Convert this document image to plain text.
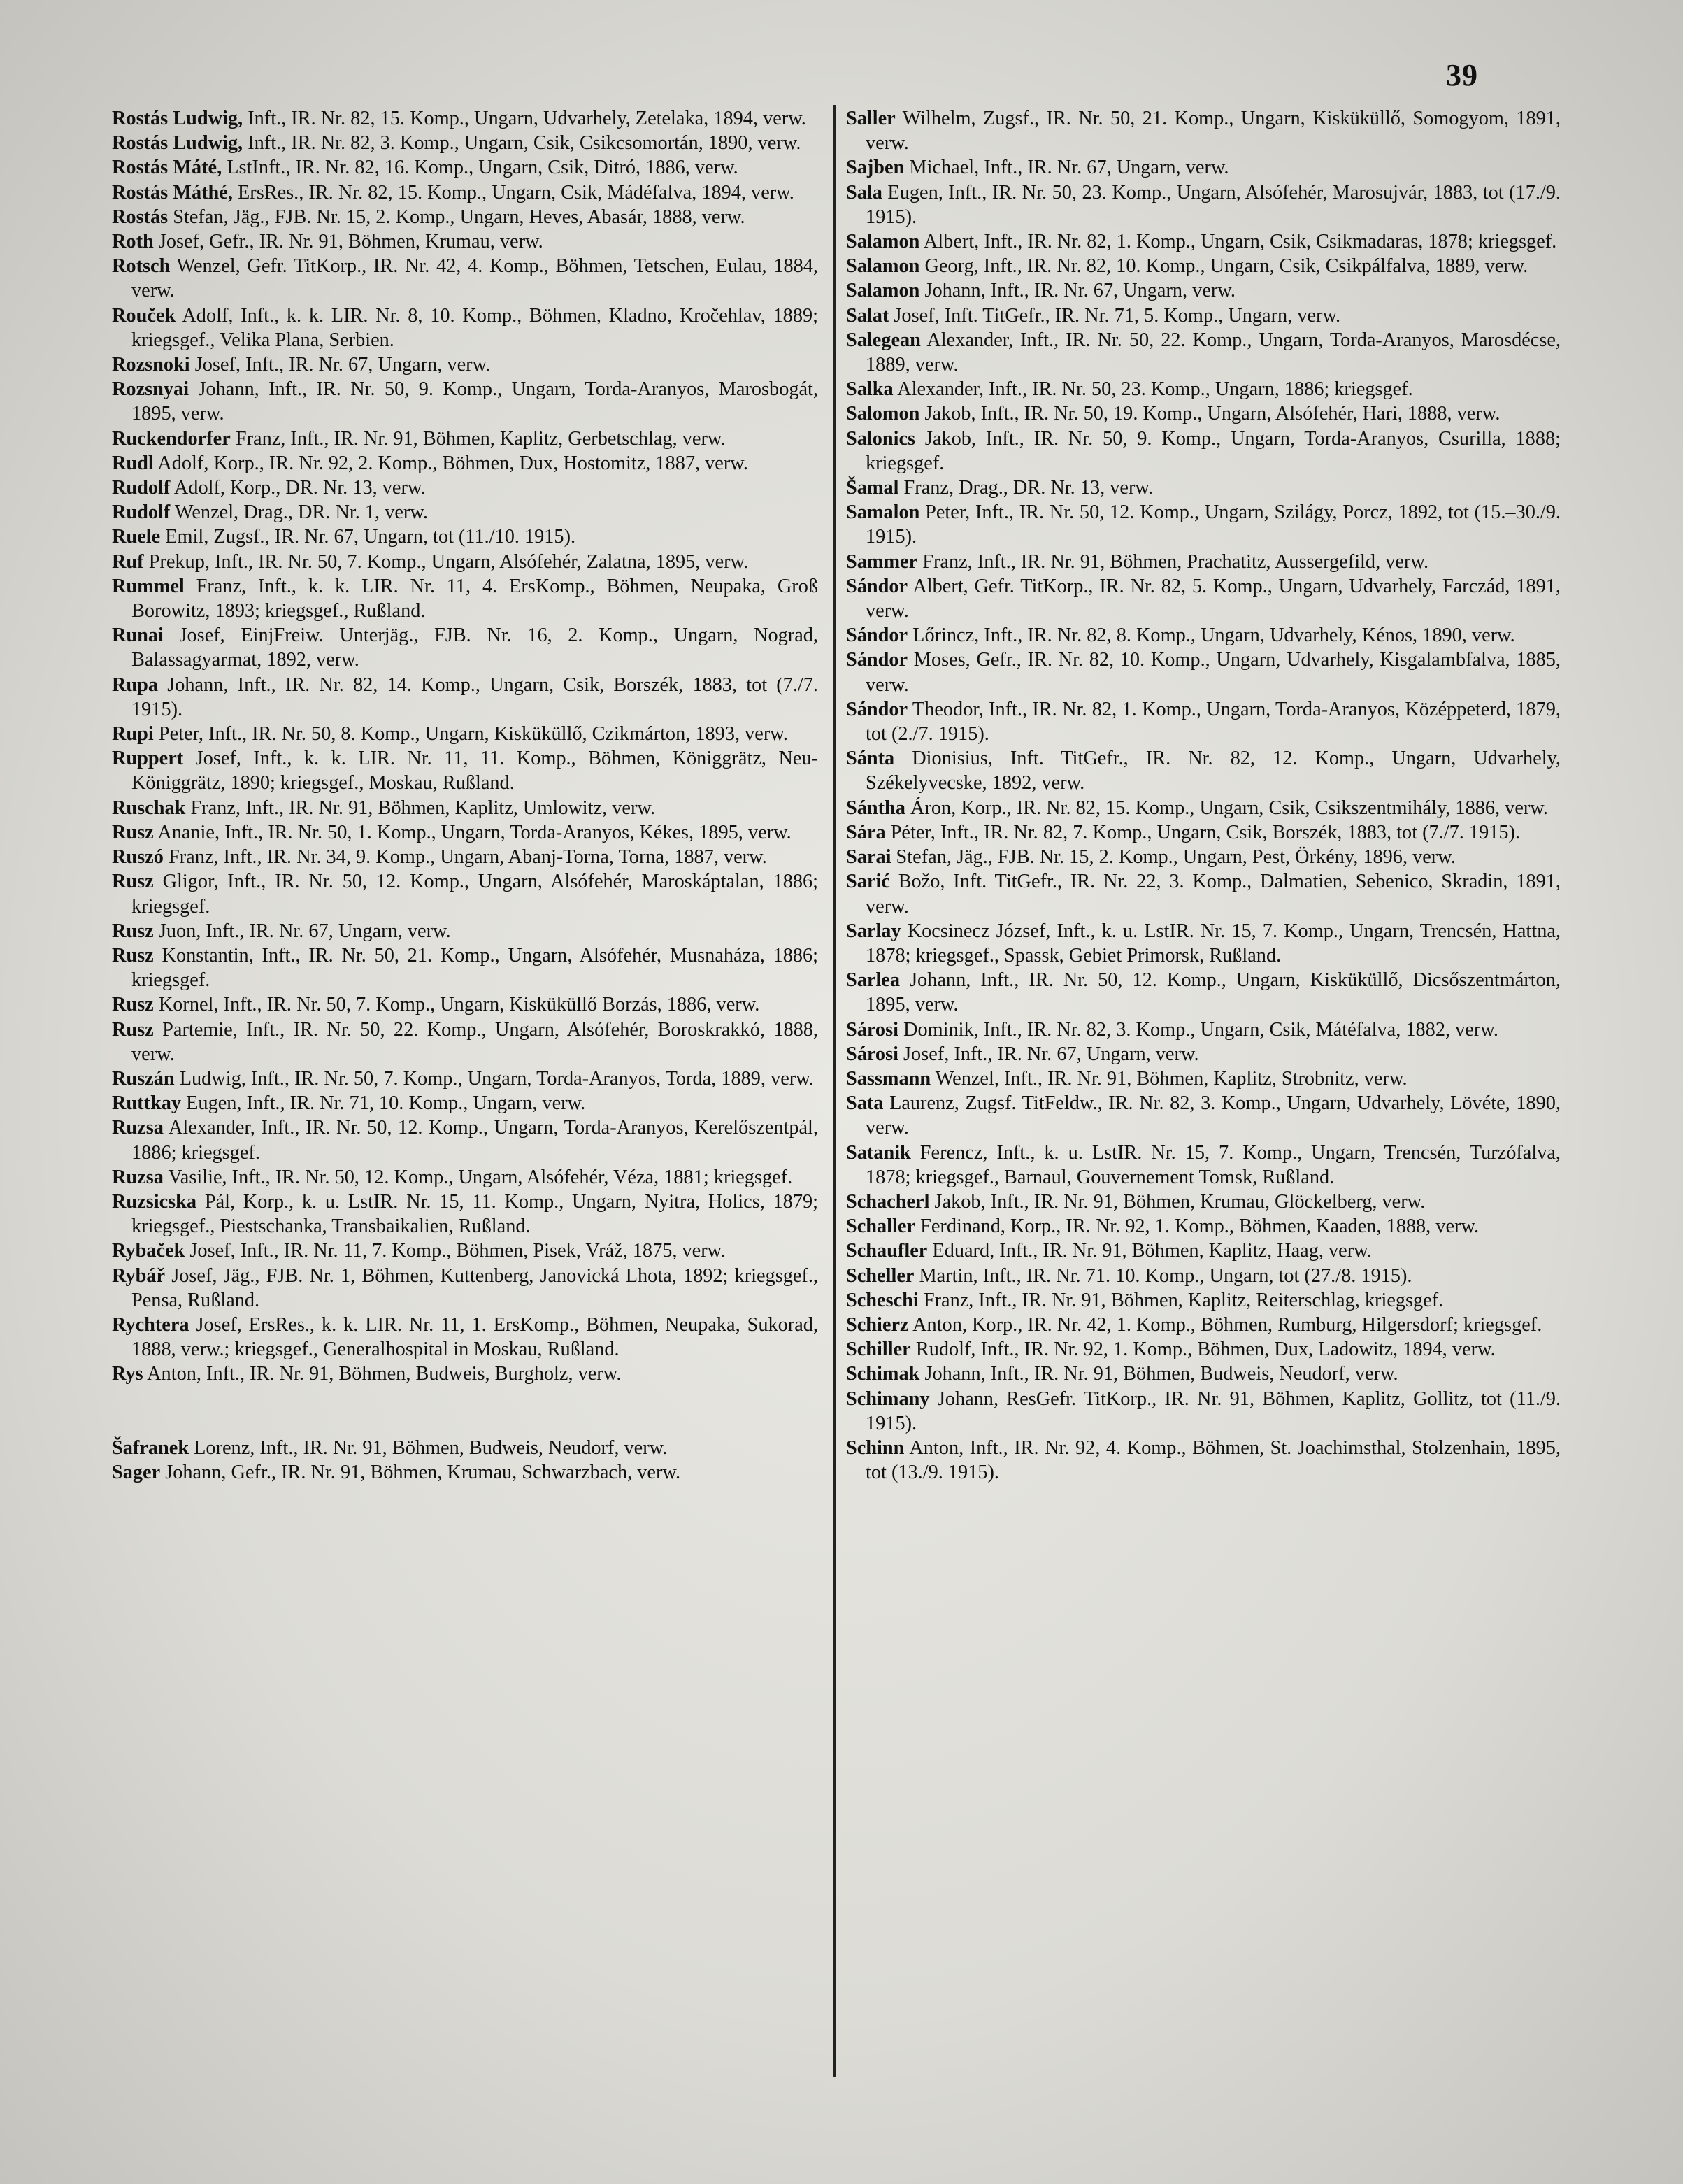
39

Rostás Ludwig, Inft., IR. Nr. 82, 15. Komp., Ungarn, Udvarhely, Zetelaka, 1894, verw.

Rostás Ludwig, Inft., IR. Nr. 82, 3. Komp., Ungarn, Csik, Csikcsomortán, 1890, verw.

Rostás Máté, LstInft., IR. Nr. 82, 16. Komp., Ungarn, Csik, Ditró, 1886, verw.

Rostás Máthé, ErsRes., IR. Nr. 82, 15. Komp., Ungarn, Csik, Mádéfalva, 1894, verw.

Rostás Stefan, Jäg., FJB. Nr. 15, 2. Komp., Ungarn, Heves, Abasár, 1888, verw.

Roth Josef, Gefr., IR. Nr. 91, Böhmen, Krumau, verw.

Rotsch Wenzel, Gefr. TitKorp., IR. Nr. 42, 4. Komp., Böhmen, Tetschen, Eulau, 1884, verw.

Rouček Adolf, Inft., k. k. LIR. Nr. 8, 10. Komp., Böhmen, Kladno, Kročehlav, 1889; kriegsgef., Velika Plana, Serbien.

Rozsnoki Josef, Inft., IR. Nr. 67, Ungarn, verw.

Rozsnyai Johann, Inft., IR. Nr. 50, 9. Komp., Ungarn, Torda-Aranyos, Marosbogát, 1895, verw.

Ruckendorfer Franz, Inft., IR. Nr. 91, Böhmen, Kaplitz, Gerbetschlag, verw.

Rudl Adolf, Korp., IR. Nr. 92, 2. Komp., Böhmen, Dux, Hostomitz, 1887, verw.

Rudolf Adolf, Korp., DR. Nr. 13, verw.

Rudolf Wenzel, Drag., DR. Nr. 1, verw.

Ruele Emil, Zugsf., IR. Nr. 67, Ungarn, tot (11./10. 1915).

Ruf Prekup, Inft., IR. Nr. 50, 7. Komp., Ungarn, Alsófehér, Zalatna, 1895, verw.

Rummel Franz, Inft., k. k. LIR. Nr. 11, 4. ErsKomp., Böhmen, Neupaka, Groß Borowitz, 1893; kriegsgef., Rußland.

Runai Josef, EinjFreiw. Unterjäg., FJB. Nr. 16, 2. Komp., Ungarn, Nograd, Balassagyarmat, 1892, verw.

Rupa Johann, Inft., IR. Nr. 82, 14. Komp., Ungarn, Csik, Borszék, 1883, tot (7./7. 1915).

Rupi Peter, Inft., IR. Nr. 50, 8. Komp., Ungarn, Kisküküllő, Czikmárton, 1893, verw.

Ruppert Josef, Inft., k. k. LIR. Nr. 11, 11. Komp., Böhmen, Königgrätz, Neu-Königgrätz, 1890; kriegsgef., Moskau, Rußland.

Ruschak Franz, Inft., IR. Nr. 91, Böhmen, Kaplitz, Umlowitz, verw.

Rusz Ananie, Inft., IR. Nr. 50, 1. Komp., Ungarn, Torda-Aranyos, Kékes, 1895, verw.

Ruszó Franz, Inft., IR. Nr. 34, 9. Komp., Ungarn, Abanj-Torna, Torna, 1887, verw.

Rusz Gligor, Inft., IR. Nr. 50, 12. Komp., Ungarn, Alsófehér, Maroskáptalan, 1886; kriegsgef.

Rusz Juon, Inft., IR. Nr. 67, Ungarn, verw.

Rusz Konstantin, Inft., IR. Nr. 50, 21. Komp., Ungarn, Alsófehér, Musnaháza, 1886; kriegsgef.

Rusz Kornel, Inft., IR. Nr. 50, 7. Komp., Ungarn, Kisküküllő Borzás, 1886, verw.

Rusz Partemie, Inft., IR. Nr. 50, 22. Komp., Ungarn, Alsófehér, Boroskrakkó, 1888, verw.

Ruszán Ludwig, Inft., IR. Nr. 50, 7. Komp., Ungarn, Torda-Aranyos, Torda, 1889, verw.

Ruttkay Eugen, Inft., IR. Nr. 71, 10. Komp., Ungarn, verw.

Ruzsa Alexander, Inft., IR. Nr. 50, 12. Komp., Ungarn, Torda-Aranyos, Kerelőszentpál, 1886; kriegsgef.

Ruzsa Vasilie, Inft., IR. Nr. 50, 12. Komp., Ungarn, Alsófehér, Véza, 1881; kriegsgef.

Ruzsicska Pál, Korp., k. u. LstIR. Nr. 15, 11. Komp., Ungarn, Nyitra, Holics, 1879; kriegsgef., Piestschanka, Transbaikalien, Rußland.

Rybaček Josef, Inft., IR. Nr. 11, 7. Komp., Böhmen, Pisek, Vráž, 1875, verw.

Rybář Josef, Jäg., FJB. Nr. 1, Böhmen, Kuttenberg, Janovická Lhota, 1892; kriegsgef., Pensa, Rußland.

Rychtera Josef, ErsRes., k. k. LIR. Nr. 11, 1. ErsKomp., Böhmen, Neupaka, Sukorad, 1888, verw.; kriegsgef., Generalhospital in Moskau, Rußland.

Rys Anton, Inft., IR. Nr. 91, Böhmen, Budweis, Burgholz, verw.

Šafranek Lorenz, Inft., IR. Nr. 91, Böhmen, Budweis, Neudorf, verw.

Sager Johann, Gefr., IR. Nr. 91, Böhmen, Krumau, Schwarzbach, verw.

Saller Wilhelm, Zugsf., IR. Nr. 50, 21. Komp., Ungarn, Kisküküllő, Somogyom, 1891, verw.

Sajben Michael, Inft., IR. Nr. 67, Ungarn, verw.

Sala Eugen, Inft., IR. Nr. 50, 23. Komp., Ungarn, Alsófehér, Marosujvár, 1883, tot (17./9. 1915).

Salamon Albert, Inft., IR. Nr. 82, 1. Komp., Ungarn, Csik, Csikmadaras, 1878; kriegsgef.

Salamon Georg, Inft., IR. Nr. 82, 10. Komp., Ungarn, Csik, Csikpálfalva, 1889, verw.

Salamon Johann, Inft., IR. Nr. 67, Ungarn, verw.

Salat Josef, Inft. TitGefr., IR. Nr. 71, 5. Komp., Ungarn, verw.

Salegean Alexander, Inft., IR. Nr. 50, 22. Komp., Ungarn, Torda-Aranyos, Marosdécse, 1889, verw.

Salka Alexander, Inft., IR. Nr. 50, 23. Komp., Ungarn, 1886; kriegsgef.

Salomon Jakob, Inft., IR. Nr. 50, 19. Komp., Ungarn, Alsófehér, Hari, 1888, verw.

Salonics Jakob, Inft., IR. Nr. 50, 9. Komp., Ungarn, Torda-Aranyos, Csurilla, 1888; kriegsgef.

Šamal Franz, Drag., DR. Nr. 13, verw.

Samalon Peter, Inft., IR. Nr. 50, 12. Komp., Ungarn, Szilágy, Porcz, 1892, tot (15.–30./9. 1915).

Sammer Franz, Inft., IR. Nr. 91, Böhmen, Prachatitz, Aussergefild, verw.

Sándor Albert, Gefr. TitKorp., IR. Nr. 82, 5. Komp., Ungarn, Udvarhely, Farczád, 1891, verw.

Sándor Lőrincz, Inft., IR. Nr. 82, 8. Komp., Ungarn, Udvarhely, Kénos, 1890, verw.

Sándor Moses, Gefr., IR. Nr. 82, 10. Komp., Ungarn, Udvarhely, Kisgalambfalva, 1885, verw.

Sándor Theodor, Inft., IR. Nr. 82, 1. Komp., Ungarn, Torda-Aranyos, Középpeterd, 1879, tot (2./7. 1915).

Sánta Dionisius, Inft. TitGefr., IR. Nr. 82, 12. Komp., Ungarn, Udvarhely, Székelyvecske, 1892, verw.

Sántha Áron, Korp., IR. Nr. 82, 15. Komp., Ungarn, Csik, Csikszentmihály, 1886, verw.

Sára Péter, Inft., IR. Nr. 82, 7. Komp., Ungarn, Csik, Borszék, 1883, tot (7./7. 1915).

Sarai Stefan, Jäg., FJB. Nr. 15, 2. Komp., Ungarn, Pest, Örkény, 1896, verw.

Sarić Božo, Inft. TitGefr., IR. Nr. 22, 3. Komp., Dalmatien, Sebenico, Skradin, 1891, verw.

Sarlay Kocsinecz József, Inft., k. u. LstIR. Nr. 15, 7. Komp., Ungarn, Trencsén, Hattna, 1878; kriegsgef., Spassk, Gebiet Primorsk, Rußland.

Sarlea Johann, Inft., IR. Nr. 50, 12. Komp., Ungarn, Kisküküllő, Dicsőszentmárton, 1895, verw.

Sárosi Dominik, Inft., IR. Nr. 82, 3. Komp., Ungarn, Csik, Mátéfalva, 1882, verw.

Sárosi Josef, Inft., IR. Nr. 67, Ungarn, verw.

Sassmann Wenzel, Inft., IR. Nr. 91, Böhmen, Kaplitz, Strobnitz, verw.

Sata Laurenz, Zugsf. TitFeldw., IR. Nr. 82, 3. Komp., Ungarn, Udvarhely, Lövéte, 1890, verw.

Satanik Ferencz, Inft., k. u. LstIR. Nr. 15, 7. Komp., Ungarn, Trencsén, Turzófalva, 1878; kriegsgef., Barnaul, Gouvernement Tomsk, Rußland.

Schacherl Jakob, Inft., IR. Nr. 91, Böhmen, Krumau, Glöckelberg, verw.

Schaller Ferdinand, Korp., IR. Nr. 92, 1. Komp., Böhmen, Kaaden, 1888, verw.

Schaufler Eduard, Inft., IR. Nr. 91, Böhmen, Kaplitz, Haag, verw.

Scheller Martin, Inft., IR. Nr. 71. 10. Komp., Ungarn, tot (27./8. 1915).

Scheschi Franz, Inft., IR. Nr. 91, Böhmen, Kaplitz, Reiterschlag, kriegsgef.

Schierz Anton, Korp., IR. Nr. 42, 1. Komp., Böhmen, Rumburg, Hilgersdorf; kriegsgef.

Schiller Rudolf, Inft., IR. Nr. 92, 1. Komp., Böhmen, Dux, Ladowitz, 1894, verw.

Schimak Johann, Inft., IR. Nr. 91, Böhmen, Budweis, Neudorf, verw.

Schimany Johann, ResGefr. TitKorp., IR. Nr. 91, Böhmen, Kaplitz, Gollitz, tot (11./9. 1915).

Schinn Anton, Inft., IR. Nr. 92, 4. Komp., Böhmen, St. Joachimsthal, Stolzenhain, 1895, tot (13./9. 1915).
